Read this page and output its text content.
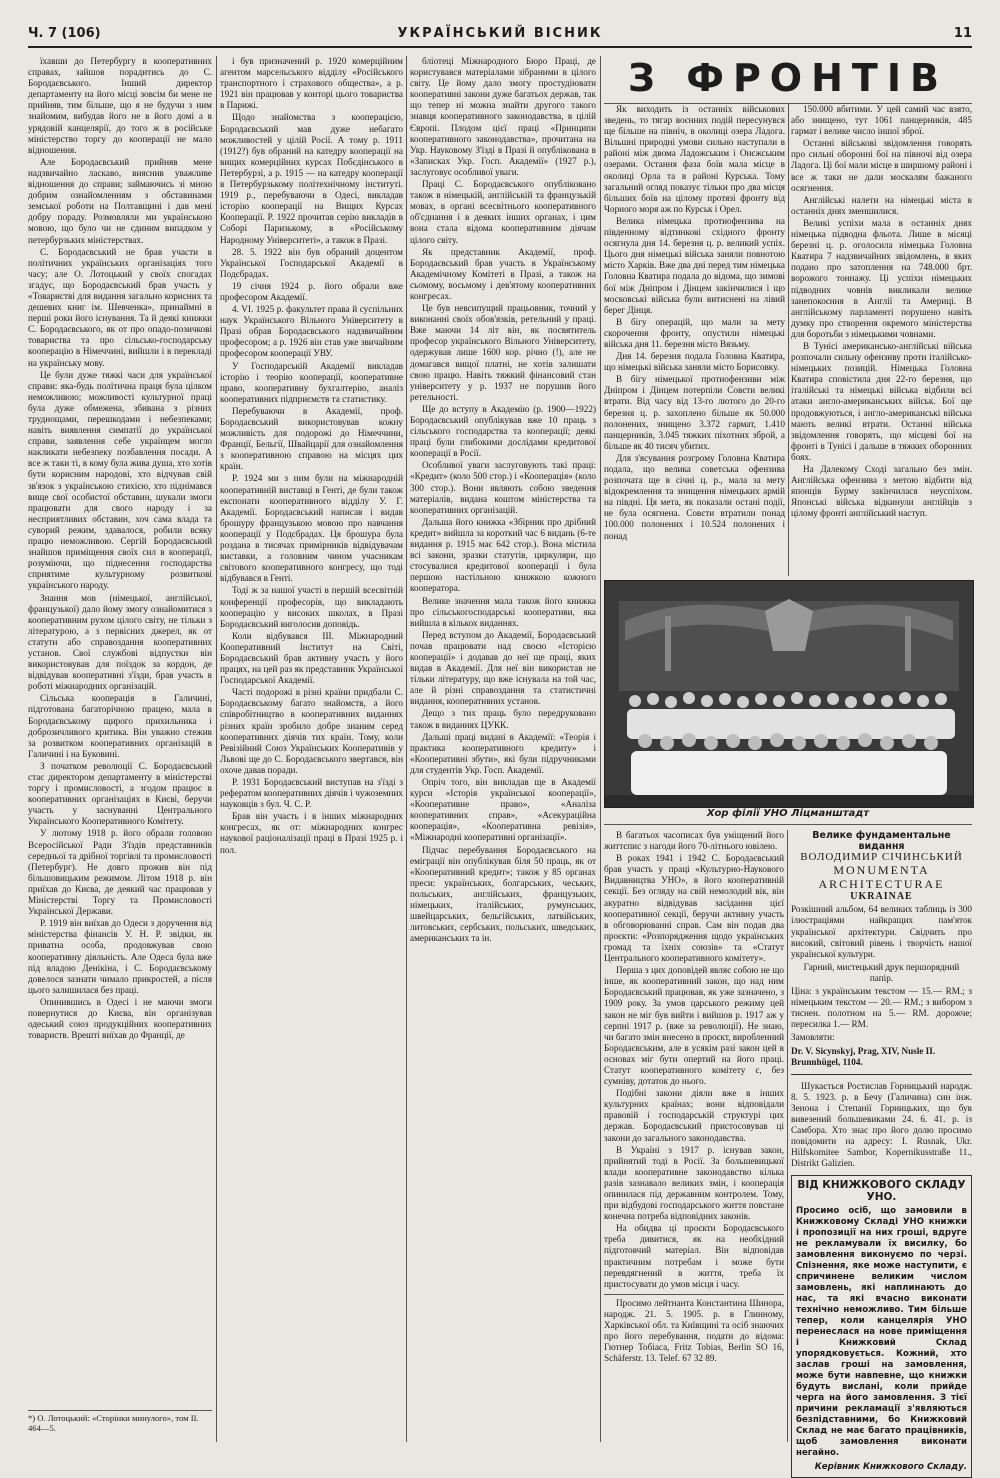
Ч. 7 (106)	УКРАЇНСЬКИЙ ВІСНИК	11

їхавши до Петербургу в кооперативних справах, зайшов порадитись до С. Бородаєвського. Інший директор департаменту на його місці зовсім би мене не прийняв, тим більше, що я не будучи з ним знайомим, вибудав його не в його домі а в урядовій канцелярії, до того ж в російське міністерство торгу до кооперації не мало відношення.

Але Бородаєвський прийняв мене надзвичайно ласкаво, вияснив уважливе відношення до справи; займаючись зі мною добрим ознайомленням з обставинами земської роботи на Полтавщині і дав мені добру пораду. Розмовляли ми українською мовою, що було чи не єдиним випадком у петербурзьких міністерствах.

С. Бородаєвський не брав участи в політичних українських організаціях того часу; але О. Лотоцький у своїх спогадах згадує, що Бородаєвський брав участь у «Товаристві для видання загально корисних та дешевих книг ім. Шевченка», принаймні в перші роки його існування. Та й деякі книжки С. Бородаєвського, як от про опадо-позичкові товариства та про сільсько-господарську кооперацію в Німеччині, вийшли і в перекладі на українську мову.

Це були дуже тяжкі часи для української справи: яка-будь політична праця була цілком неможливою; можливості культурної праці була дуже обмежена, збивана з різних труднощами, перешкодами і небезпеками; навіть виявлення симпатії до української справи, заявлення себе українцем могло накликати небезпеку позбавлення посади. А все ж таки ті, в кому була жива душа, хто хотів бути корисним народові, хто відчував свій зв'язок з українською стихією, хто піднімався вище свої особистої обставин, шукали змоги працювати для свого народу і за несприятливих обставин, хоч сама влада та суворий режим, здавалося, робили всяку працю неможливою. Сергій Бородаєвський знайшов приміщення своїх сил в кооперації, розуміючи, що піднесення господарства сприятиме культурному розвиткові українського народу.

Знання мов (німецької, англійської, французької) дало йому змогу ознайомитися з кооперативним рухом цілого світу, не тільки з літературою, а з первісних джерел, як от статути або справоздання кооперативних установ. Свої службові відпустки він використовував для поїздок за кордон, де відвідував кооперативні з'їзди, брав участь в роботі міжнародних організацій.

Сільська кооперація в Галичині, підготована багаторічною працею, мала в Бородаєвському щирого прихильника і доброзичливого критика. Він уважно стежив за розвитком кооперативних організацій в Галичині і на Буковині.

З початком революції С. Бородаєвський стає директором департаменту в міністерстві торгу і промисловості, а згодом працює в кооперативних організаціях в Києві, беручи участь у заснуванні Центрального Українського Кооперативного Комітету.

У лютому 1918 р. його обрали головою Всеросійської Ради З'їздів представників середньої та дрібної торгівлі та промисловості (Петербург). Не довго прожив він під більшовицьким режимом. Літом 1918 р. він приїхав до Києва, де деякий час працював у Міністерстві Торгу та Промисловості Української Держави.

Р. 1919 він виїхав до Одеси з доручення від міністерства фінансів У. Н. Р. звідки, як приватна особа, продовжував свою кооперативну діяльність. Але Одеса була вже під владою Денікіна, і С. Бородаєвському довелося зазнати чимало прикростей, а після цього залишилася без праці.

Опинившись в Одесі і не маючи змоги повернутися до Києва, він організував одеський союз продукційних кооперативних товариств. Врешті виїхав до Франції, де

і був призначений р. 1920 комерційним агентом марсельського відділу «Російського транспортного і страхового общества», а р. 1921 він працював у конторі цього товариства в Парижі.

Щодо знайомства з кооперацією, Бородаєвський мав дуже небагато можливостей у цілій Росії. А тому р. 1911 (1912?) був обраний на катедру кооперації на вищих комерційних курсах Побєдінського в Петербурзі, а р. 1915 — на катедру кооперації в Петербурзькому політехнічному інституті. 1919 р., перебуваючи в Одесі, викладав історію кооперації на Вищих Курсах Кооперації. Р. 1922 прочитав серію викладів в Соборі Паризькому, в «Російському Народному Університеті», а також в Празі.

28. 5. 1922 він був обраний доцентом Української Господарської Академії в Подєбрадах.

19 січня 1924 р. його обрали вже професором Академії.

4. VI. 1925 р. факультет права й суспільних наук Українського Вільного Університету в Празі обрав Бородаєвського надзвичайним професором; а р. 1926 він став уже звичайним професором кооперації УВУ.

У Господарській Академії викладав історію і теорію кооперації, кооперативне право, кооперативну бухгалтерію, аналіз кооперативних підприємств та статистику.

Перебуваючи в Академії, проф. Бородаєвський використовував кожну можливість для подорожі до Німеччини, Франції, Бельгії, Швайцарії для ознайомлення з кооперативною справою на місцях цих країн.

Р. 1924 ми з ним були на міжнародній кооперативній виставці в Генті, де були також експонати кооперативного відділу У. Г. Академії. Бородаєвський написав і видав брошуру французькою мовою про навчання кооперації у Подєбрадах. Ця брошура була роздана в тисячах примірників відвідувачам виставки, а головним чином учасникам світового кооперативного конгресу, що тоді відбувався в Генті.

Тоді ж за нашої участі в першій всесвітній конференції професорів, що викладають кооперацію у високих школах, в Празі Бородаєвський виголосив доповідь.

Коли відбувався III. Міжнародний Кооперативний Інститут на Світі, Бородаєвський брав активну участь у його працях, на цей раз як представник Української Господарської Академії.

Часті подорожі в різні країни придбали С. Бородаєвському багато знайомств, а його співробітництво в кооперативних виданнях різних країн зробило добре знаним серед кооперативних діячів тих країн. Тому, коли Ревізійний Союз Українських Кооперативів у Львові ще до С. Бородаєвського звертався, він охоче давав поради.

Р. 1931 Бородаєвський виступав на з'їзді з рефератом кооперативних діячів і чужоземних науковців з бул. Ч. С. Р.

Брав він участь і в інших міжнародних конгресах, як от: міжнародних конгрес наукової раціоналізації праці в Празі 1925 р. і пол.

бліотеці Міжнародного Бюро Праці, де користувався матеріалами зібраними в цілого світу. Це йому дало змогу простудіювати кооперативні закони дуже багатьох держав, так що тепер ні можна знайти другого такого знавця кооперативного законодавства, в цілій Європі. Плодом цієї праці «Принципи кооперативного законодавства», прочитана на Укр. Науковому З'їзді в Празі й опублікована в «Записках Укр. Госп. Академії» (1927 р.), заслуговує особливої уваги.

Праці С. Бородаєвського опубліковано також в німецькій, англійській та французькій мовах, в органі всесвітнього кооперативного об'єднання і в деяких інших органах, і цим вона стала відома кооперативним діячам цілого світу.

Як представник Академії, проф. Бородаєвський брав участь в Українському Академічному Комітеті в Празі, а також на сьомому, восьмому і дев'ятому кооперативних конгресах.

Це був невсипущий працьовник, точний у виконанні своїх обов'язків, ретельний у праці. Вже маючи 14 літ він, як посвятитель професор українського Вільного Університету, одержував лише 1600 кор. річно (!), але не домагався вищої платні, не хотів залишати свою працю. Навіть тяжкий фінансовий стан університету у р. 1937 не порушив його ретельності.

Ще до вступу в Академію (р. 1900—1922) Бородаєвський опублікував вже 10 праць з сільського господарства та кооперації; деякі праці були глибокими дослідами кредитової кооперації в Росії.

Особливої уваги заслуговують такі праці: «Кредит» (коло 500 стор.) і «Кооперація» (коло 300 стор.). Вони являють собою зведення матеріалів, видана коштом міністерства та кооперативних організацій.

Дальша його книжка «Збірник про дрібний кредит» вийшла за короткий час 6 видань (6-те видання р. 1915 має 642 стор.). Вона містила всі закони, зразки статутів, циркуляри, що стосувалися кредитової кооперації і була першою настільною книжкою кожного кооператора.

Велике значення мала також його книжка про сільськогосподарські кооперативи, яка вийшла в кількох виданнях.

Перед вступом до Академії, Бородаєвський почав працювати над своєю «Історією кооперації» і додавав до неї ще праці, яких видав в Академії. Для неї він використав не тільки літературу, що вже існувала на той час, але й різні справоздання та статистичні видання, кооперативних установ.

Дещо з тих праць було передруковано також в виданнях ЦУКК.

Дальші праці видані в Академії: «Теорія і практика кооперативного кредиту» і «Кооперативні збути», які були підручниками для студентів Укр. Госп. Академії.

Опріч того, він викладав ще в Академії курси «Історія української кооперації», «Кооперативне право», «Аналіза кооперативних справ», «Асекураційна кооперація», «Кооперативна ревізія», «Міжнародні кооперативні організації».

Підчас перебування Бородаєвського на еміграції він опублікував біля 50 праць, як от «Кооперативний кредит»; також у 85 органах преси: українських, болгарських, чеських, польських, англійських, французьких, німецьких, італійських, румунських, швейцарських, бельгійських, латвійських, литовських, сербських, польських, шведських, американських та ін.

*) О. Лотоцький: «Сторінки минулого», том II. 464—5.
З ФРОНТІВ

Як виходить із останніх військових зведень, то тягар воєнних подій пересунувся ще більше на північ, в околиці озера Ладога. Вільшні природні умови сильно наступали в районі між двома Ладожським і Онєжським озерами. Остання фаза боїв мала місце в околиці Орла та в районі Курська. Тому загальний огляд показує тільки про два місця більших боїв на цілому протязі фронту від Чорного моря аж по Курськ і Орел.

Велика німецька протиофензива на південному відтинкові східного фронту осягнула дня 14. березня ц. р. великий успіх. Цього дня німецькі війська заняли повнотою місто Харків. Вже два дні перед тим німецька Головна Кватира подала до відома, що зимові бої між Дніпром і Дінцем закінчилися і що московські війська були витиснені на лівий берег Дінця.

В бігу операцій, що мали за мету скорочення фронту, опустили німецькі війська дня 11. березня місто Вязьму.

Дня 14. березня подала Головна Кватира, що німецькі війська заняли місто Борисовку.

В бігу німецької протиофензиви між Дніпром і Дінцем потерпіли Совєти великі втрати. Від часу від 13-го лютого до 20-го березня ц. р. захоплено більше як 50.000 полонених, знищено 3.372 гармат, 1.410 панцерників, 3.045 тяжких піхотних зброй, а більше як 40 тисяч убитих.

Для з'ясування розгрому Головна Кватира подала, що велика советська офензива розпочата ще в січні ц. р., мала за мету відокремлення та знищення німецьких армій на півдні. Ця мета, як показали остані події, не була осягнена. Совєти втратили понад 100.000 полонених і 10.524 полонених і понад

150.000 вбитими. У цей самий час взято, або знищено, тут 1061 панцерників, 485 гармат і велике число іншої зброї.

Останні військові звідомлення говорять про сильні оборонні бої на півночі від озера Ладога. Ці бої мали місце в ширшому районі і все ж таки не дали москалям бажаного осягнення.

Англійські налети на німецькі міста в останніх днях зменшилися.

Великі успіхи мала в останніх днях німецька підводна фльота. Лише в місяці березні ц. р. оголосила німецька Головна Кватира 7 надзвичайних звідомлень, в яких подано про затоплення на 748.000 брт. ворожого тоннажу. Ці успіхи німецьких підводних човнів викликали велике занепокоєння в Англії та Америці. В англійському парламенті порушено навіть думку про створення окремого міністерства для боротьби з німецькими човнами.

В Тунісі американсько-англійські війська розпочали сильну офензиву проти італійсько-німецьких позицій. Німецька Головна Кватира сповістила дня 22-го березня, що італійські та німецькі війська відбили всі атаки англо-американських військ. Бої ще продовжуються, і англо-американські війська мають великі втрати. Останні війська звідомлення говорять, що місцеві бої на фронті в Тунісі і дальше в тяжких оборонних боях.

На Далекому Сході загально без змін. Англійська офензива з метою відбити від японців Бурму закінчилася неуспіхом. Японські війська відкинули англійців з цілому фронті англійський наступ.

Хор філії УНО Ліцманштадт

В багатьох часописах був уміщений його життєпис з нагоди його 70-літнього ювілею.

В роках 1941 і 1942 С. Бородаєвський брав участь у праці «Культурно-Наукового Видавництва УНО», в його кооперативній секції. Без огляду на свій немолодий вік, він акуратно відвідував засідання цієї кооперативної секції, беручи активну участь в обговорюванні справ. Сам він подав два проєкти: «Розпорядження щодо українських громад та їхніх союзів» та «Статут Центрального кооперативного комітету».

Перша з цих доповідей являє собою не що інше, як кооперативний закон, що над ним Бородаєвський працював, як уже зазначено, з 1909 року. За умов царського режиму цей закон не міг був вийти і вийшов р. 1917 аж у серпні 1917 р. (вже за революції). Не знаю, чи багато змін внесено в проєкт, виробленний Бородаєвським, але в усякім разі закон цей в основах міг бути опертий на його праці. Статут кооперативного комітету є, без сумніву, дотаток до нього.

Подібні закони діяли вже в інших культурних країнах; вони відповідали правовій і господарській структурі цих держав. Бородаєвський пристосовував ці закони до загального законодавства.

В Україні з 1917 р. існував закон, прийнятий тоді в Росії. За большевицької влади кооперативне законодавство кілька разів зазнавало великих змін, і кооперація опинилася під державним контролем. Тому, при відбудові господарського життя повстане конечна потреба відповідних законів.

На обидва ці проєкти Бородаєвського треба дивитися, як на необхідний підготовчий матеріал. Він відповідав практичним потребам і може бути перевдягнений в життя, треба їх пристосувати до умов місця і часу.

Просимо лейтнанта Константина Шинора, народж. 21. 5. 1905. р. в Глинному, Харківської обл. та Київщині та осіб знаючих про його перебування, подати до відома: Гютнер Тобіаса, Fritz Tobias, Berlin SO 16, Schäferstr. 13. Telef. 67 32 89.

Велике фундаментальне видання
ВОЛОДИМИР СІЧИНСЬКИЙ
MONUMENTA
ARCHITECTURAE
UKRAINAE

Розкішний альбом, 64 великих таблиць із 300 ілюстраціями найкращих пам'яток української архітектури. Свідчить про високий, світовий рівень і творчість нашої української культури.

Гарний, мистецький друк першорядний папір.

Ціна: з українським текстом — 15.— RM.; з німецьким текстом — 20.— RM.; з вибором з тиснен. полотном на 5.— RM. дорожче; пересилка 1.— RM.

Замовляти:

Dr. V. Sicynskyj, Prag, XIV, Nusle II. Brunnhügel, 1104.

Шукається Ростислав Горницький народж. 8. 5. 1923. р. в Бечу (Галичина) син інж. Зенона і Степанії Горницьких, що був вивезений большевиками 24. 6. 41. р. із Самбора. Хто знає про його долю просимо повідомити на адресу: I. Rusnak, Ukr. Hilfskomitee Sambor, Kopernikusstraße 11., Distrikt Galizien.

ВІД КНИЖКОВОГО СКЛАДУ УНО.

Просимо осіб, що замовили в Книжковому Складі УНО книжки і пропозиції на них гроші, вдруге не рекламували їх висилку, бо замовлення виконуємо по черзі. Спізнення, яке може наступити, є спричинене великим числом замовлень, які наплинають до нас, та які вчасно виконати технічно неможливо. Тим більше тепер, коли канцелярія УНО перенеслася на нове приміщення і Книжковий Склад упорядковується. Кожний, хто заслав гроші на замовлення, може бути навпевне, що книжки будуть вислані, коли прийде черга на його замовлення. З тієї причини рекламації з'являються безпідставними, бо Книжковий Склад не має багато працівників, щоб замовлення виконати негайно.

Керівник Книжкового Складу.
